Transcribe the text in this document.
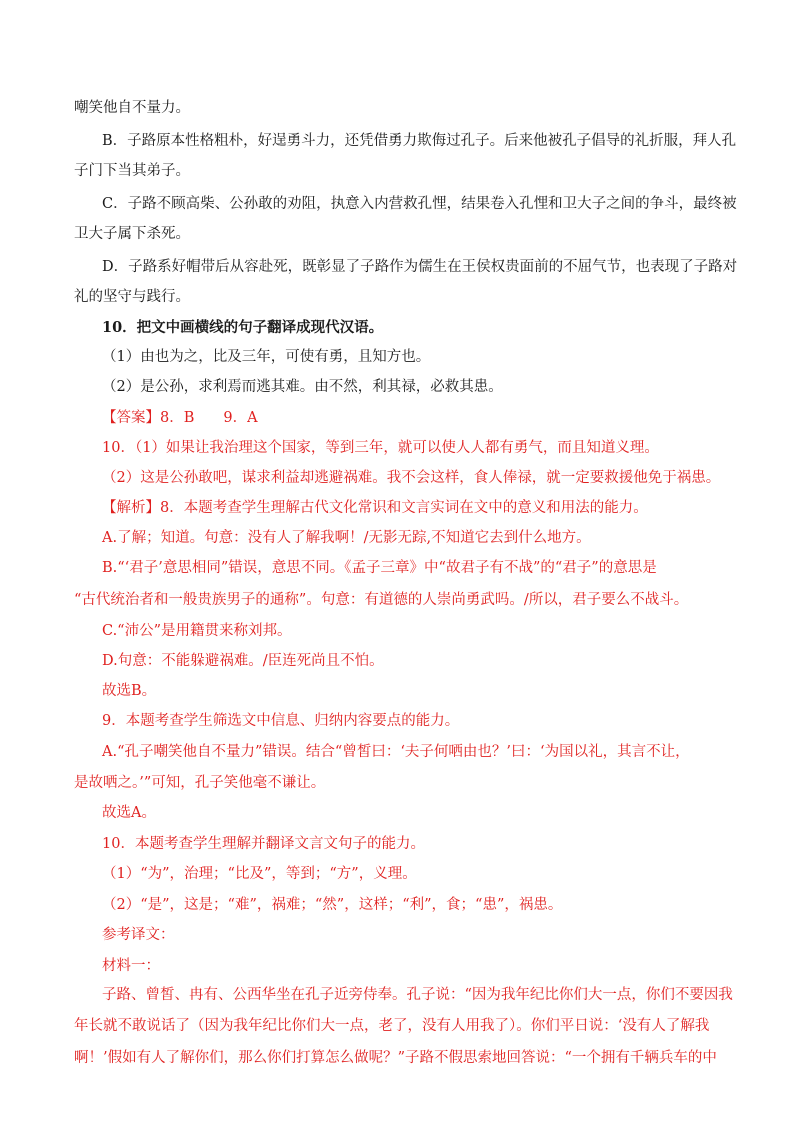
嘲笑他自不量力。
B．子路原本性格粗朴，好逞勇斗力，还凭借勇力欺侮过孔子。后来他被孔子倡导的礼折服，拜人孔
子门下当其弟子。
C．子路不顾高柴、公孙敢的劝阻，执意入内营救孔悝，结果卷入孔悝和卫大子之间的争斗，最终被
卫大子属下杀死。
D．子路系好帽带后从容赴死，既彰显了子路作为儒生在王侯权贵面前的不屈气节，也表现了子路对
礼的坚守与践行。
10．把文中画横线的句子翻译成现代汉语。
（1）由也为之，比及三年，可使有勇，且知方也。
（2）是公孙，求利焉而逃其难。由不然，利其禄，必救其患。
【答案】8．B　　9．A
10．（1）如果让我治理这个国家，等到三年，就可以使人人都有勇气，而且知道义理。
（2）这是公孙敢吧，谋求利益却逃避祸难。我不会这样，食人俸禄，就一定要救援他免于祸患。
【解析】8．本题考查学生理解古代文化常识和文言实词在文中的意义和用法的能力。
A.了解；知道。句意：没有人了解我啊！/无影无踪,不知道它去到什么地方。
B.“‘君子’意思相同”错误，意思不同。《孟子三章》中“故君子有不战”的“君子”的意思是
“古代统治者和一般贵族男子的通称”。句意：有道德的人崇尚勇武吗。/所以，君子要么不战斗。
C.“沛公”是用籍贯来称刘邦。
D.句意：不能躲避祸难。/臣连死尚且不怕。
故选B。
9．本题考查学生筛选文中信息、归纳内容要点的能力。
A.“孔子嘲笑他自不量力”错误。结合“曾皙曰：‘夫子何哂由也？’曰：‘为国以礼，其言不让，
是故哂之。’”可知，孔子笑他毫不谦让。
故选A。
10．本题考查学生理解并翻译文言文句子的能力。
（1）“为”，治理；“比及”，等到；“方”，义理。
（2）“是”，这是；“难”，祸难；“然”，这样；“利”，食；“患”，祸患。
参考译文：
材料一：
子路、曾皙、冉有、公西华坐在孔子近旁侍奉。孔子说：“因为我年纪比你们大一点，你们不要因我
年长就不敢说话了（因为我年纪比你们大一点，老了，没有人用我了）。你们平日说：‘没有人了解我
啊！’假如有人了解你们，那么你们打算怎么做呢？”子路不假思索地回答说：“一个拥有千辆兵车的中
